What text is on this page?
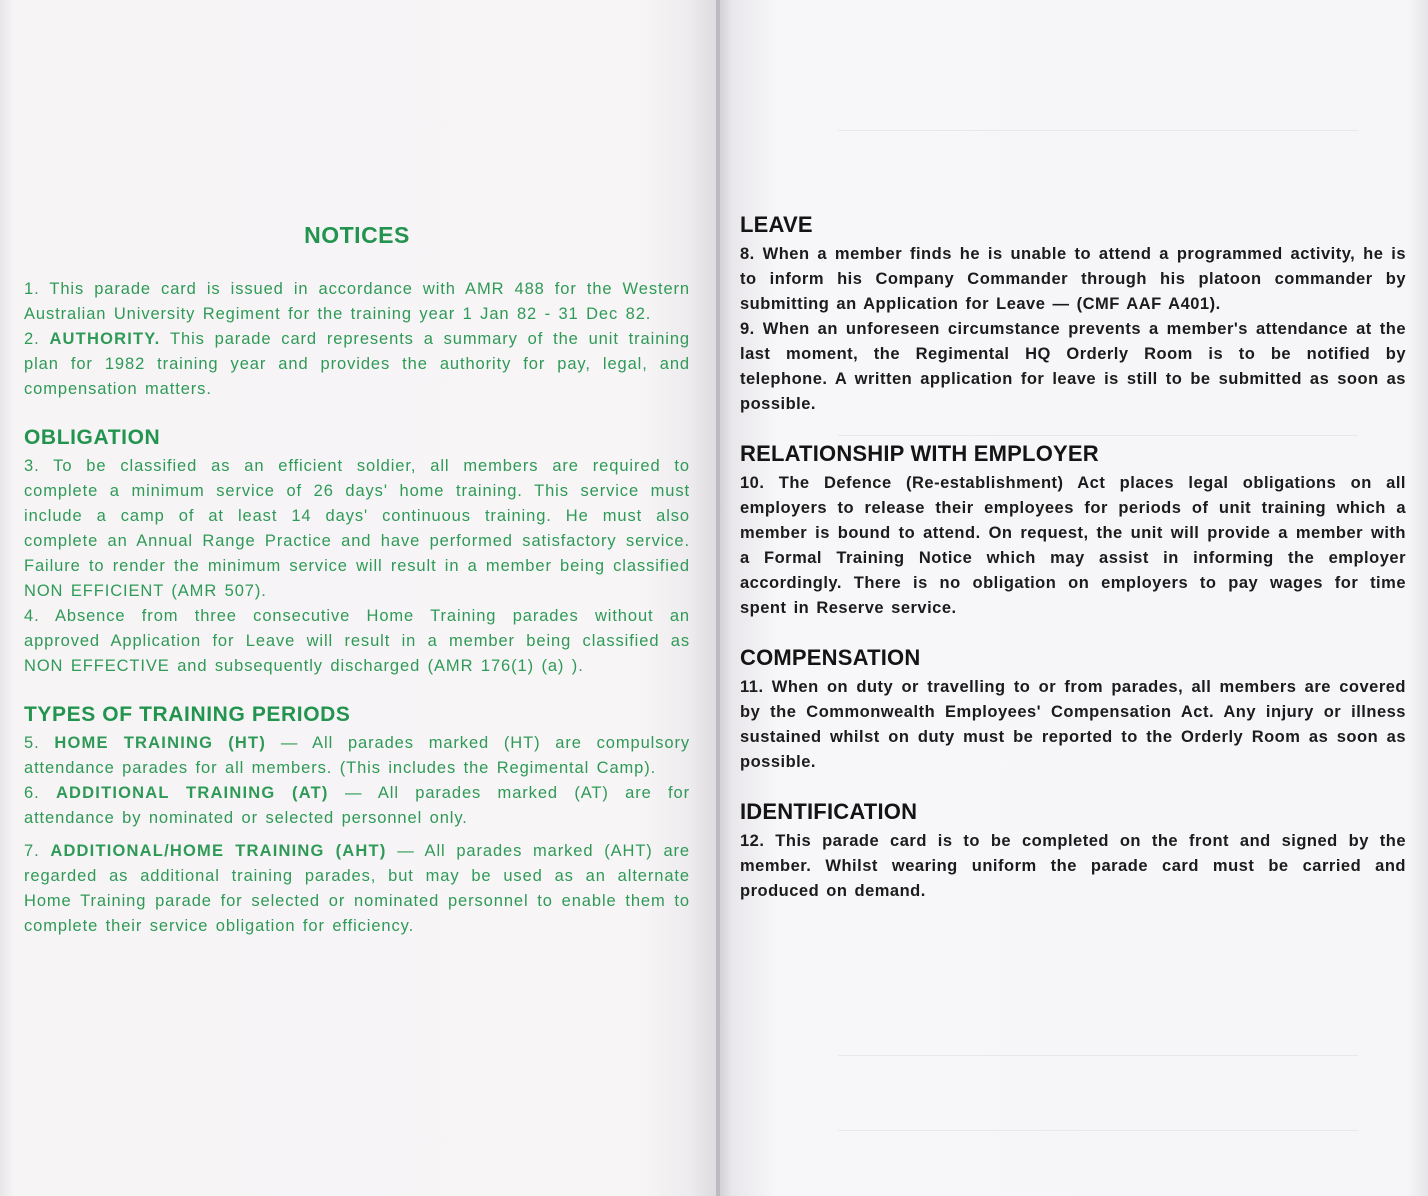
NOTICES

1. This parade card is issued in accordance with AMR 488 for the Western Australian University Regiment for the training year 1 Jan 82 - 31 Dec 82.

2. AUTHORITY. This parade card represents a summary of the unit training plan for 1982 training year and provides the authority for pay, legal, and compensation matters.

OBLIGATION

3. To be classified as an efficient soldier, all members are required to complete a minimum service of 26 days' home training. This service must include a camp of at least 14 days' continuous training. He must also complete an Annual Range Practice and have performed satisfactory service. Failure to render the minimum service will result in a member being classified NON EFFICIENT (AMR 507).

4. Absence from three consecutive Home Training parades without an approved Application for Leave will result in a member being classified as NON EFFECTIVE and subsequently discharged (AMR 176(1) (a) ).

TYPES OF TRAINING PERIODS

5. HOME TRAINING (HT) — All parades marked (HT) are compulsory attendance parades for all members. (This includes the Regimental Camp).

6. ADDITIONAL TRAINING (AT) — All parades marked (AT) are for attendance by nominated or selected personnel only.

7. ADDITIONAL/HOME TRAINING (AHT) — All parades marked (AHT) are regarded as additional training parades, but may be used as an alternate Home Training parade for selected or nominated personnel to enable them to complete their service obligation for efficiency.

LEAVE

8. When a member finds he is unable to attend a programmed activity, he is to inform his Company Commander through his platoon commander by submitting an Application for Leave — (CMF AAF A401).

9. When an unforeseen circumstance prevents a member's attendance at the last moment, the Regimental HQ Orderly Room is to be notified by telephone. A written application for leave is still to be submitted as soon as possible.

RELATIONSHIP WITH EMPLOYER

10. The Defence (Re-establishment) Act places legal obligations on all employers to release their employees for periods of unit training which a member is bound to attend. On request, the unit will provide a member with a Formal Training Notice which may assist in informing the employer accordingly. There is no obligation on employers to pay wages for time spent in Reserve service.

COMPENSATION

11. When on duty or travelling to or from parades, all members are covered by the Commonwealth Employees' Compensation Act. Any injury or illness sustained whilst on duty must be reported to the Orderly Room as soon as possible.

IDENTIFICATION

12. This parade card is to be completed on the front and signed by the member. Whilst wearing uniform the parade card must be carried and produced on demand.
